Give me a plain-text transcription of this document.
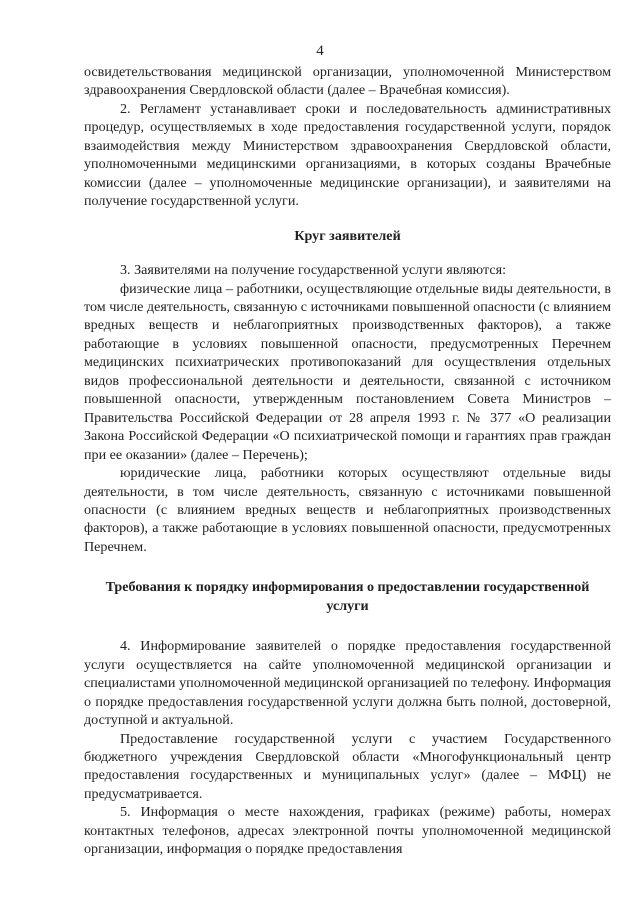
4

освидетельствования медицинской организации, уполномоченной Министерством здравоохранения Свердловской области (далее – Врачебная комиссия).

2. Регламент устанавливает сроки и последовательность административных процедур, осуществляемых в ходе предоставления государственной услуги, порядок взаимодействия между Министерством здравоохранения Свердловской области, уполномоченными медицинскими организациями, в которых созданы Врачебные комиссии (далее – уполномоченные медицинские организации), и заявителями на получение государственной услуги.

Круг заявителей

3. Заявителями на получение государственной услуги являются:

физические лица – работники, осуществляющие отдельные виды деятельности, в том числе деятельность, связанную с источниками повышенной опасности (с влиянием вредных веществ и неблагоприятных производственных факторов), а также работающие в условиях повышенной опасности, предусмотренных Перечнем медицинских психиатрических противопоказаний для осуществления отдельных видов профессиональной деятельности и деятельности, связанной с источником повышенной опасности, утвержденным постановлением Совета Министров – Правительства Российской Федерации от 28 апреля 1993 г. № 377 «О реализации Закона Российской Федерации «О психиатрической помощи и гарантиях прав граждан при ее оказании» (далее – Перечень);

юридические лица, работники которых осуществляют отдельные виды деятельности, в том числе деятельность, связанную с источниками повышенной опасности (с влиянием вредных веществ и неблагоприятных производственных факторов), а также работающие в условиях повышенной опасности, предусмотренных Перечнем.

Требования к порядку информирования о предоставлении государственной услуги

4. Информирование заявителей о порядке предоставления государственной услуги осуществляется на сайте уполномоченной медицинской организации и специалистами уполномоченной медицинской организацией по телефону. Информация о порядке предоставления государственной услуги должна быть полной, достоверной, доступной и актуальной.

Предоставление государственной услуги с участием Государственного бюджетного учреждения Свердловской области «Многофункциональный центр предоставления государственных и муниципальных услуг» (далее – МФЦ) не предусматривается.

5. Информация о месте нахождения, графиках (режиме) работы, номерах контактных телефонов, адресах электронной почты уполномоченной медицинской организации, информация о порядке предоставления
